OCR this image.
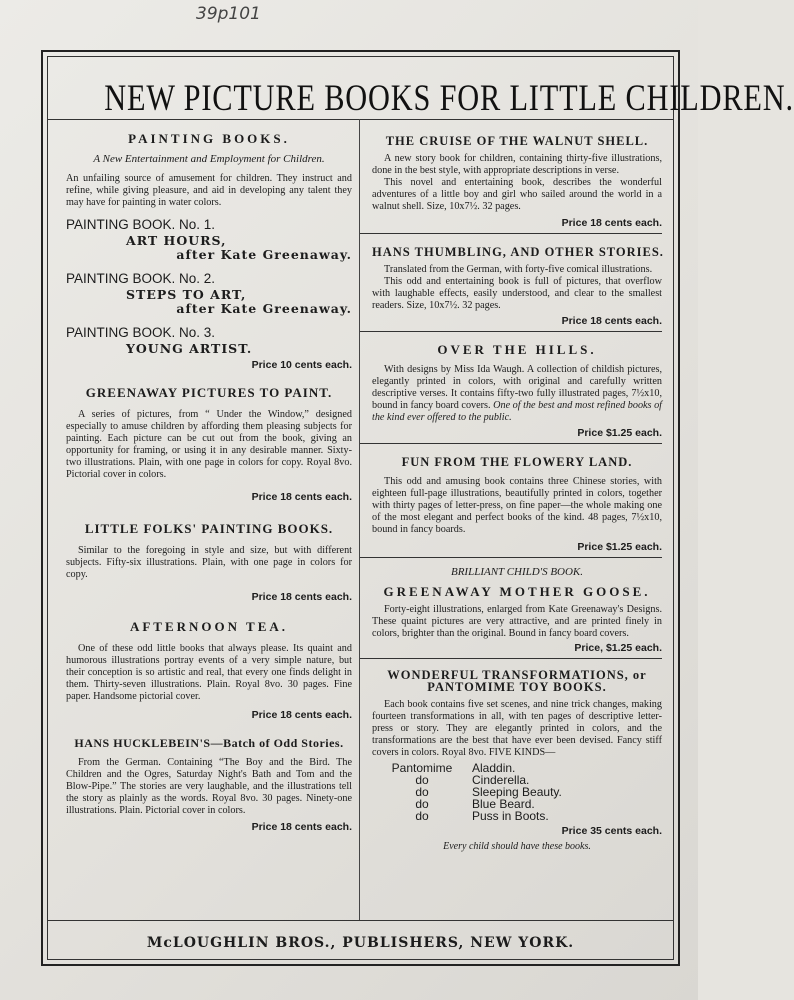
39p101
NEW PICTURE BOOKS FOR LITTLE CHILDREN.

PAINTING BOOKS.

A New Entertainment and Employment for Children.

An unfailing source of amusement for children. They instruct and refine, while giving pleasure, and aid in developing any talent they may have for painting in water colors.

PAINTING BOOK. No. 1.

ART HOURS,

after Kate Greenaway.

PAINTING BOOK. No. 2.

STEPS TO ART,

after Kate Greenaway.

PAINTING BOOK. No. 3.

YOUNG ARTIST.

Price 10 cents each.

GREENAWAY PICTURES TO PAINT.

A series of pictures, from “ Under the Window,” designed especially to amuse children by affording them pleasing subjects for painting. Each picture can be cut out from the book, giving an opportunity for framing, or using it in any desirable manner. Sixty-two illustrations. Plain, with one page in colors for copy. Royal 8vo. Pictorial cover in colors.

Price 18 cents each.

LITTLE FOLKS' PAINTING BOOKS.

Similar to the foregoing in style and size, but with different subjects. Fifty-six illustrations. Plain, with one page in colors for copy.

Price 18 cents each.

AFTERNOON TEA.

One of these odd little books that always please. Its quaint and humorous illustrations portray events of a very simple nature, but their conception is so artistic and real, that every one finds delight in them. Thirty-seven illustrations. Plain. Royal 8vo. 30 pages. Fine paper. Handsome pictorial cover.

Price 18 cents each.

HANS HUCKLEBEIN'S—Batch of Odd Stories.

From the German. Containing “The Boy and the Bird. The Children and the Ogres, Saturday Night's Bath and Tom and the Blow-Pipe.” The stories are very laughable, and the illustrations tell the story as plainly as the words. Royal 8vo. 30 pages. Ninety-one illustrations. Plain. Pictorial cover in colors.

Price 18 cents each.

THE CRUISE OF THE WALNUT SHELL.

A new story book for children, containing thirty-five illustrations, done in the best style, with appropriate descriptions in verse.

This novel and entertaining book, describes the wonderful adventures of a little boy and girl who sailed around the world in a walnut shell. Size, 10x7½. 32 pages.

Price 18 cents each.

HANS THUMBLING, AND OTHER STORIES.

Translated from the German, with forty-five comical illustrations.

This odd and entertaining book is full of pictures, that overflow with laughable effects, easily understood, and clear to the smallest readers. Size, 10x7½. 32 pages.

Price 18 cents each.

OVER THE HILLS.

With designs by Miss Ida Waugh. A collection of childish pictures, elegantly printed in colors, with original and carefully written descriptive verses. It contains fifty-two fully illustrated pages, 7½x10, bound in fancy board covers. One of the best and most refined books of the kind ever offered to the public.

Price $1.25 each.

FUN FROM THE FLOWERY LAND.

This odd and amusing book contains three Chinese stories, with eighteen full-page illustrations, beautifully printed in colors, together with thirty pages of letter-press, on fine paper—the whole making one of the most elegant and perfect books of the kind. 48 pages, 7½x10, bound in fancy boards.

Price $1.25 each.

BRILLIANT CHILD'S BOOK.

GREENAWAY MOTHER GOOSE.

Forty-eight illustrations, enlarged from Kate Greenaway's Designs. These quaint pictures are very attractive, and are printed finely in colors, brighter than the original. Bound in fancy board covers.

Price, $1.25 each.

WONDERFUL TRANSFORMATIONS, or

PANTOMIME TOY BOOKS.

Each book contains five set scenes, and nine trick changes, making fourteen transformations in all, with ten pages of descriptive letter-press or story. They are elegantly printed in colors, and the transformations are the best that have ever been devised. Fancy stiff covers in colors. Royal 8vo. FIVE KINDS—

Pantomime Aladdin.

do	Cinderella.

do	Sleeping Beauty.

do	Blue Beard.

do	Puss in Boots.

Price 35 cents each.

Every child should have these books.

McLOUGHLIN BROS., PUBLISHERS, NEW YORK.
